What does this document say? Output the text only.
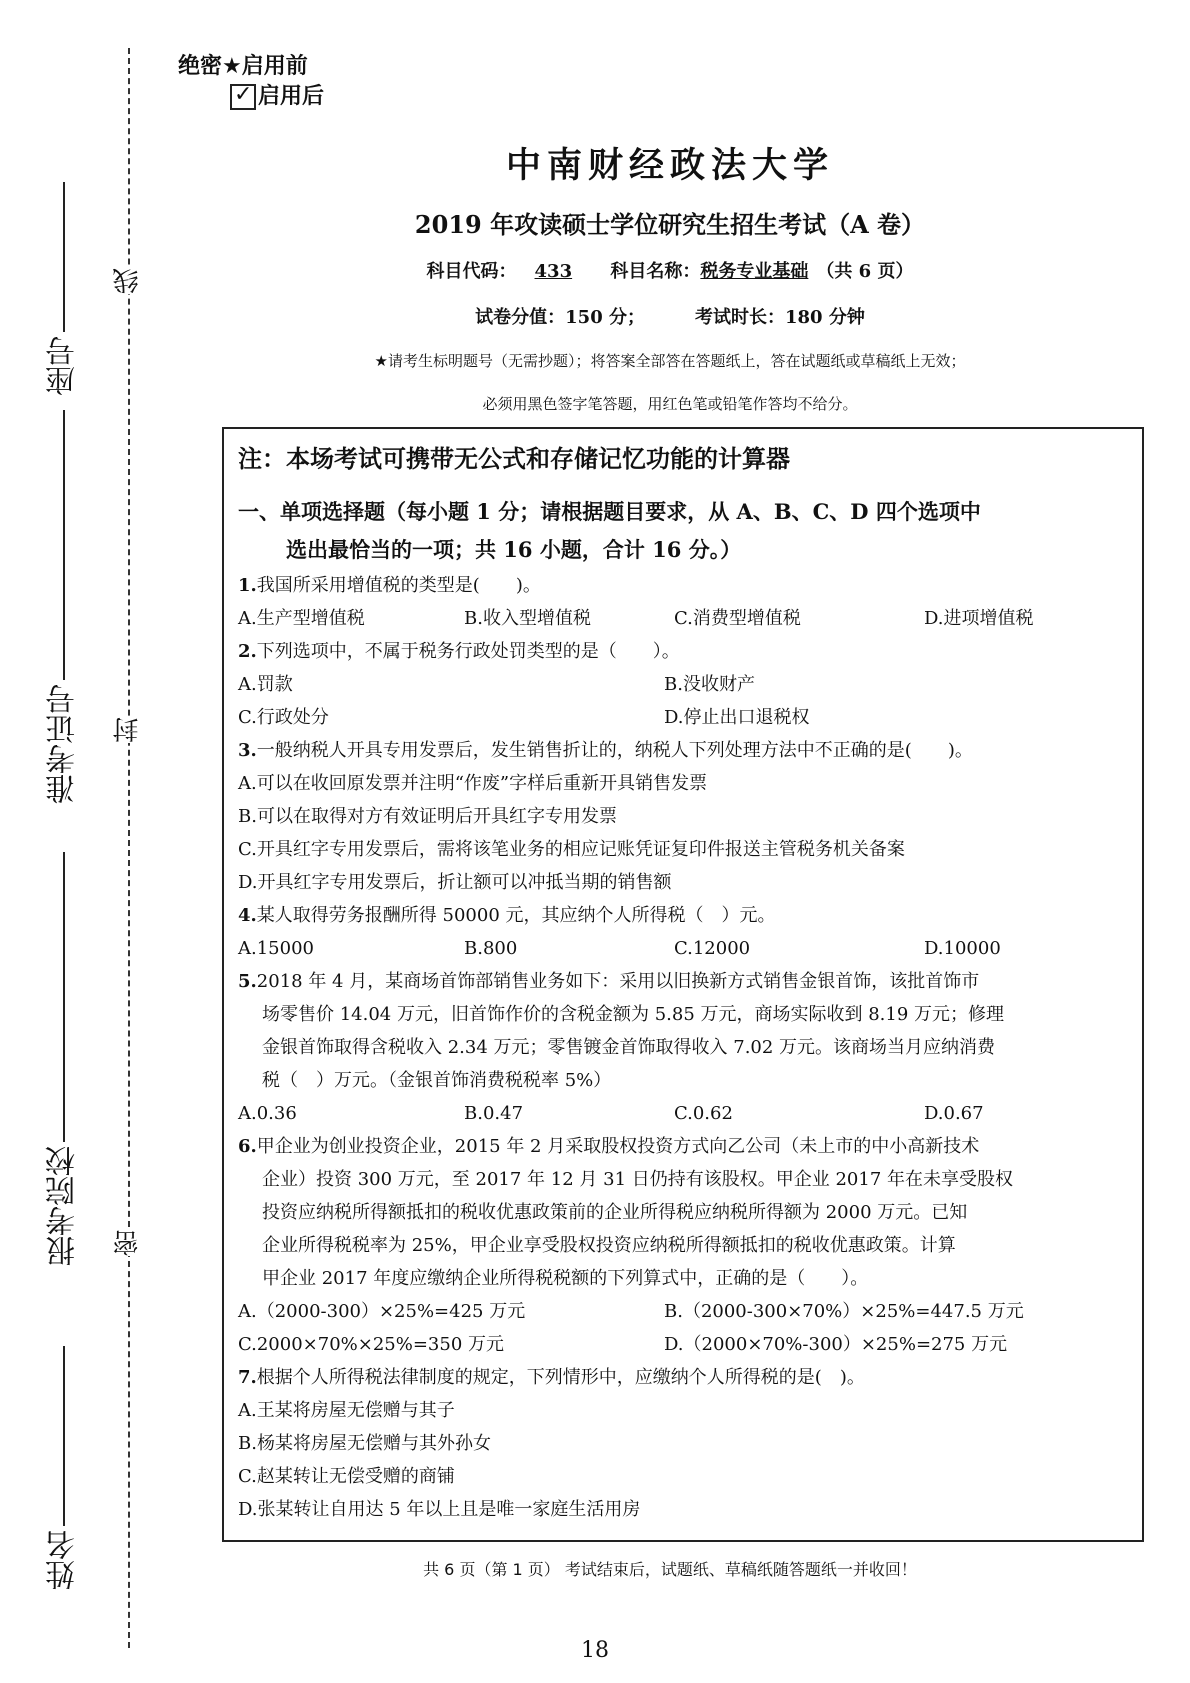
线
封
密
座号
准考证号
报考院校
姓名
绝密★启用前
✓
启用后
中南财经政法大学
2019 年攻读硕士学位研究生招生考试（A 卷）
科目代码： 433 科目名称：税务专业基础 （共 6 页）
试卷分值：150 分；	考试时长：180 分钟
★请考生标明题号（无需抄题）；将答案全部答在答题纸上，答在试题纸或草稿纸上无效；
必须用黑色签字笔答题，用红色笔或铅笔作答均不给分。
注：本场考试可携带无公式和存储记忆功能的计算器
一、单项选择题（每小题 1 分；请根据题目要求，从 A、B、C、D 四个选项中
选出最恰当的一项；共 16 小题，合计 16 分。）
1.我国所采用增值税的类型是(　　)。
A.生产型增值税	B.收入型增值税	C.消费型增值税	D.进项增值税
2.下列选项中，不属于税务行政处罚类型的是（　　）。
A.罚款	B.没收财产
C.行政处分	D.停止出口退税权
3.一般纳税人开具专用发票后，发生销售折让的，纳税人下列处理方法中不正确的是(　　)。
A.可以在收回原发票并注明“作废”字样后重新开具销售发票
B.可以在取得对方有效证明后开具红字专用发票
C.开具红字专用发票后，需将该笔业务的相应记账凭证复印件报送主管税务机关备案
D.开具红字专用发票后，折让额可以冲抵当期的销售额
4.某人取得劳务报酬所得 50000 元，其应纳个人所得税（　）元。
A.15000	B.800	C.12000	D.10000
5.2018 年 4 月，某商场首饰部销售业务如下：采用以旧换新方式销售金银首饰，该批首饰市
场零售价 14.04 万元，旧首饰作价的含税金额为 5.85 万元，商场实际收到 8.19 万元；修理
金银首饰取得含税收入 2.34 万元；零售镀金首饰取得收入 7.02 万元。该商场当月应纳消费
税（　）万元。（金银首饰消费税税率 5%）
A.0.36	B.0.47	C.0.62	D.0.67
6.甲企业为创业投资企业，2015 年 2 月采取股权投资方式向乙公司（未上市的中小高新技术
企业）投资 300 万元，至 2017 年 12 月 31 日仍持有该股权。甲企业 2017 年在未享受股权
投资应纳税所得额抵扣的税收优惠政策前的企业所得税应纳税所得额为 2000 万元。已知
企业所得税税率为 25%，甲企业享受股权投资应纳税所得额抵扣的税收优惠政策。计算
甲企业 2017 年度应缴纳企业所得税税额的下列算式中，正确的是（　　）。
A.（2000-300）×25%=425 万元	B.（2000-300×70%）×25%=447.5 万元
C.2000×70%×25%=350 万元	D.（2000×70%-300）×25%=275 万元
7.根据个人所得税法律制度的规定，下列情形中，应缴纳个人所得税的是(　)。
A.王某将房屋无偿赠与其子
B.杨某将房屋无偿赠与其外孙女
C.赵某转让无偿受赠的商铺
D.张某转让自用达 5 年以上且是唯一家庭生活用房
共 6 页（第 1 页） 考试结束后，试题纸、草稿纸随答题纸一并收回！
18
